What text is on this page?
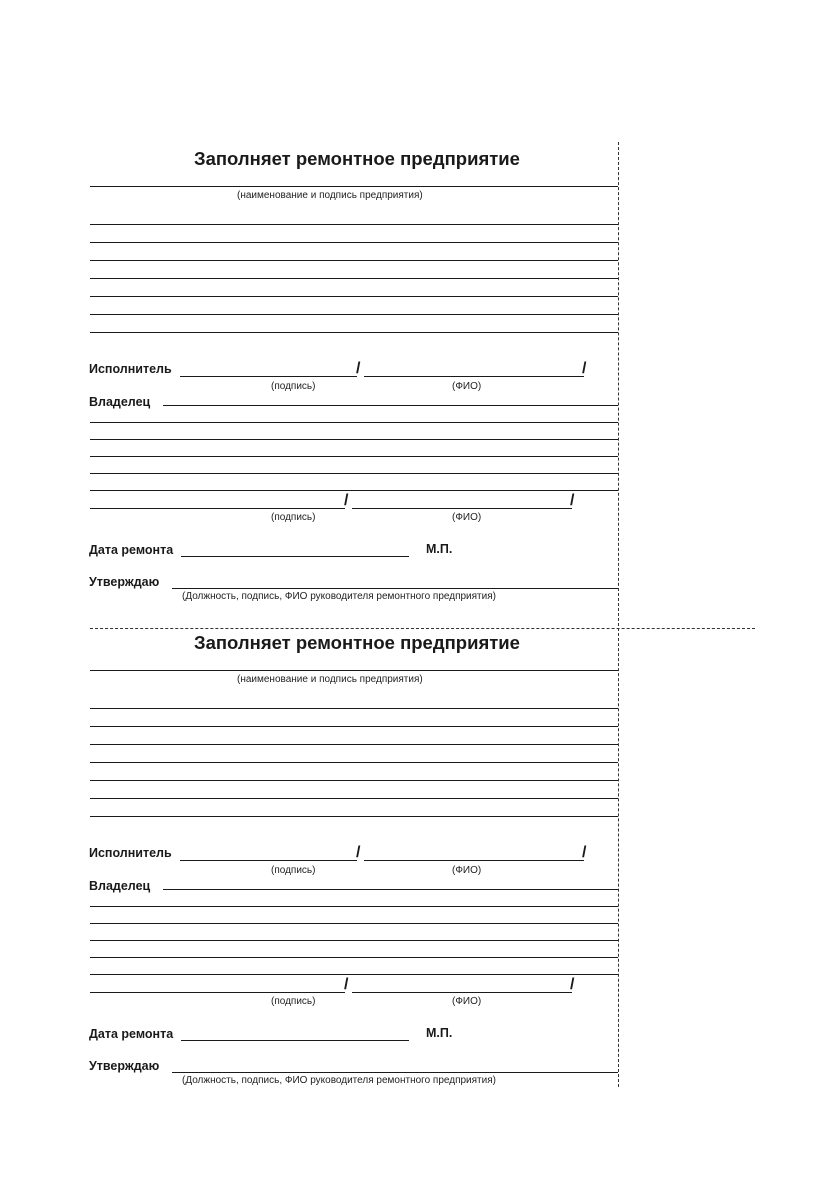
Заполняет ремонтное предприятие
(наименование и подпись предприятия)
Исполнитель	/	/
(подпись)	(ФИО)
Владелец
/	/
(подпись)	(ФИО)
Дата ремонта	М.П.
Утверждаю
(Должность, подпись, ФИО руководителя ремонтного предприятия)
Заполняет ремонтное предприятие
(наименование и подпись предприятия)
Исполнитель	/	/
(подпись)	(ФИО)
Владелец
/	/
(подпись)	(ФИО)
Дата ремонта	М.П.
Утверждаю
(Должность, подпись, ФИО руководителя ремонтного предприятия)
